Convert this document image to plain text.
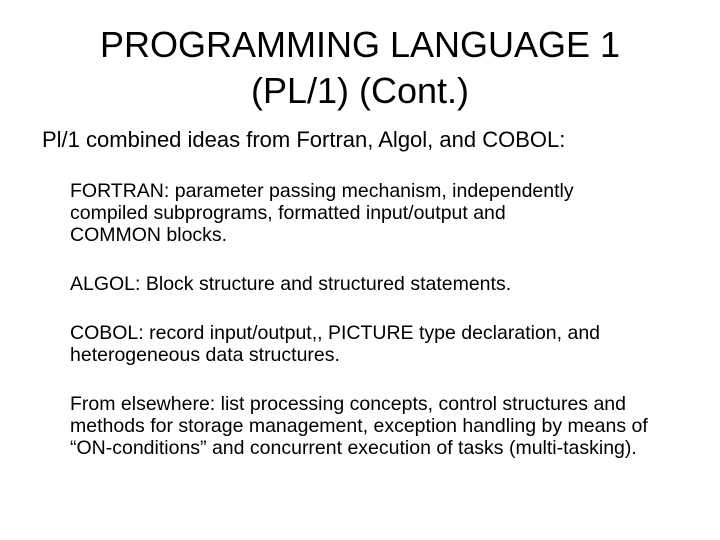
PROGRAMMING LANGUAGE 1
(PL/1) (Cont.)

Pl/1 combined ideas from Fortran, Algol, and COBOL:

FORTRAN: parameter passing mechanism, independently compiled subprograms, formatted input/output and COMMON blocks.
ALGOL: Block structure and structured statements.
COBOL: record input/output,, PICTURE type declaration, and heterogeneous data structures.
From elsewhere: list processing concepts, control structures and methods for storage management, exception handling by means of “ON-conditions” and concurrent execution of tasks (multi-tasking).
